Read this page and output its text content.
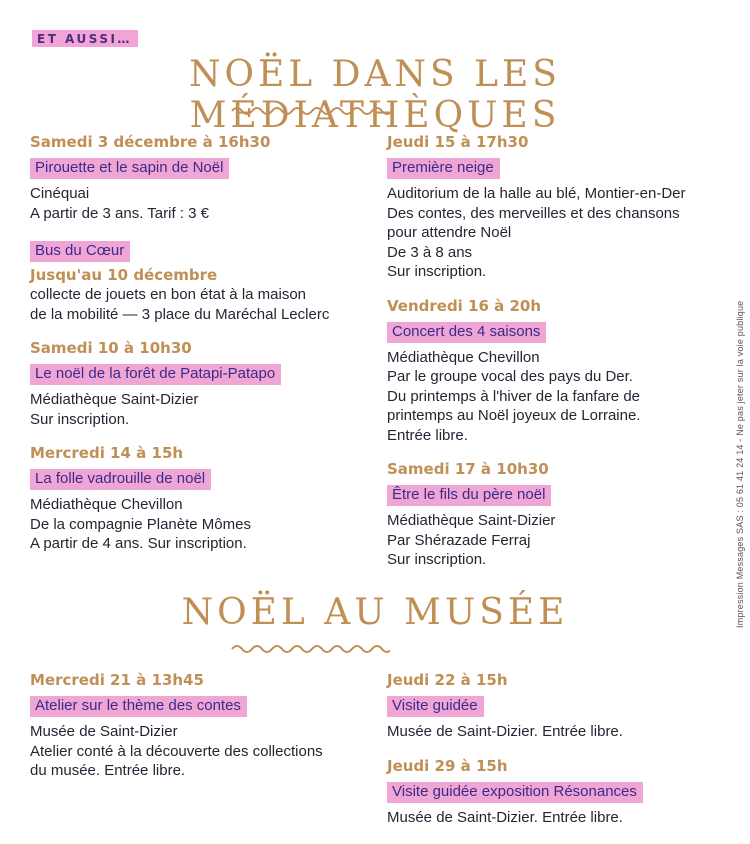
ET AUSSI…
NOËL DANS LES MÉDIATHÈQUES
Samedi 3 décembre à 16h30
Pirouette et le sapin de Noël
Cinéquai
A partir de 3 ans. Tarif : 3 €
Bus du Cœur
Jusqu'au 10 décembre
collecte de jouets en bon état à la maison
de la mobilité — 3 place du Maréchal Leclerc
Samedi 10 à 10h30
Le noël de la forêt de Patapi-Patapo
Médiathèque Saint-Dizier
Sur inscription.
Mercredi 14 à 15h
La folle vadrouille de noël
Médiathèque Chevillon
De la compagnie Planète Mômes
A partir de 4 ans. Sur inscription.
Jeudi 15 à 17h30
Première neige
Auditorium de la halle au blé, Montier-en-Der
Des contes, des merveilles et des chansons
pour attendre Noël
De 3 à 8 ans
Sur inscription.
Vendredi 16 à 20h
Concert des 4 saisons
Médiathèque Chevillon
Par le groupe vocal des pays du Der.
Du printemps à l'hiver de la fanfare de
printemps au Noël joyeux de Lorraine.
Entrée libre.
Samedi 17 à 10h30
Être le fils du père noël
Médiathèque Saint-Dizier
Par Shérazade Ferraj
Sur inscription.
NOËL AU MUSÉE
Mercredi 21 à 13h45
Atelier sur le thème des contes
Musée de Saint-Dizier
Atelier conté à la découverte des collections
du musée. Entrée libre.
Jeudi 22 à 15h
Visite guidée
Musée de Saint-Dizier. Entrée libre.
Jeudi 29 à 15h
Visite guidée exposition Résonances
Musée de Saint-Dizier. Entrée libre.
Impression Messages SAS : 05 61 41 24 14 - Ne pas jeter sur la voie publique
